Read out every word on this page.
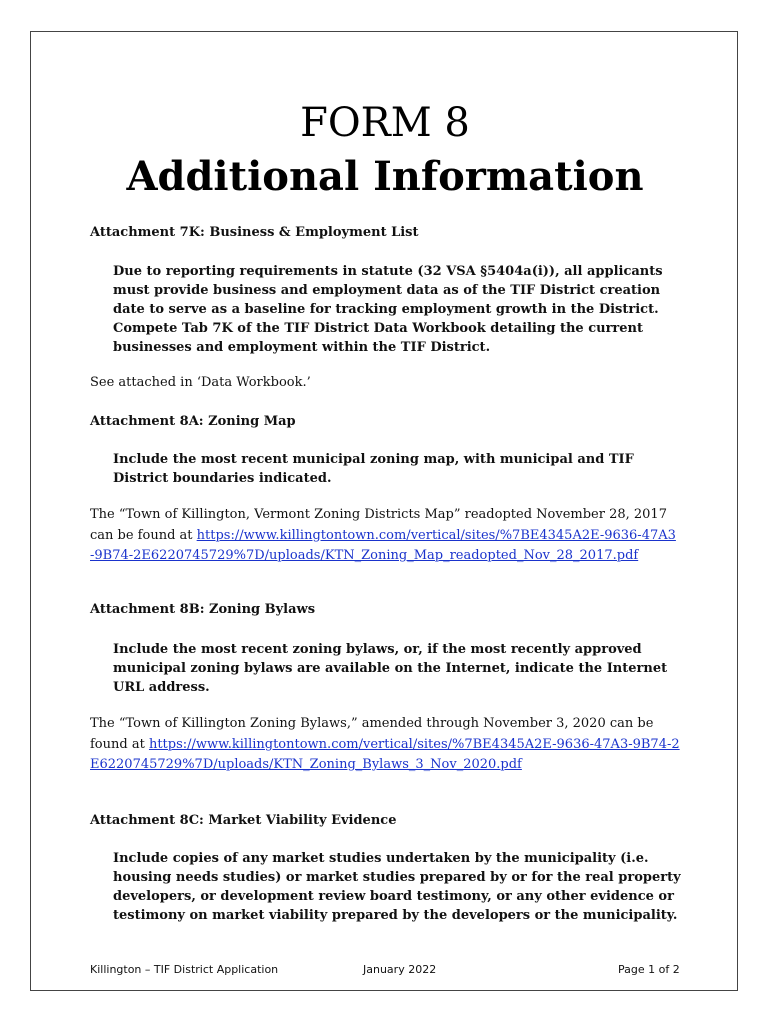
FORM 8
Additional Information

Attachment 7K: Business & Employment List

Due to reporting requirements in statute (32 VSA §5404a(i)), all applicants must provide business and employment data as of the TIF District creation date to serve as a baseline for tracking employment growth in the District. Compete Tab 7K of the TIF District Data Workbook detailing the current businesses and employment within the TIF District.

See attached in ‘Data Workbook.’

Attachment 8A: Zoning Map

Include the most recent municipal zoning map, with municipal and TIF District boundaries indicated.

The “Town of Killington, Vermont Zoning Districts Map” readopted November 28, 2017 can be found at https://www.killingtontown.com/vertical/sites/%7BE4345A2E-9636-47A3-9B74-2E6220745729%7D/uploads/KTN_Zoning_Map_readopted_Nov_28_2017.pdf

Attachment 8B: Zoning Bylaws

Include the most recent zoning bylaws, or, if the most recently approved municipal zoning bylaws are available on the Internet, indicate the Internet URL address.

The “Town of Killington Zoning Bylaws,” amended through November 3, 2020 can be found at https://www.killingtontown.com/vertical/sites/%7BE4345A2E-9636-47A3-9B74-2E6220745729%7D/uploads/KTN_Zoning_Bylaws_3_Nov_2020.pdf

Attachment 8C: Market Viability Evidence

Include copies of any market studies undertaken by the municipality (i.e. housing needs studies) or market studies prepared by or for the real property developers, or development review board testimony, or any other evidence or testimony on market viability prepared by the developers or the municipality.

Killington – TIF District Application	January 2022	Page 1 of 2
